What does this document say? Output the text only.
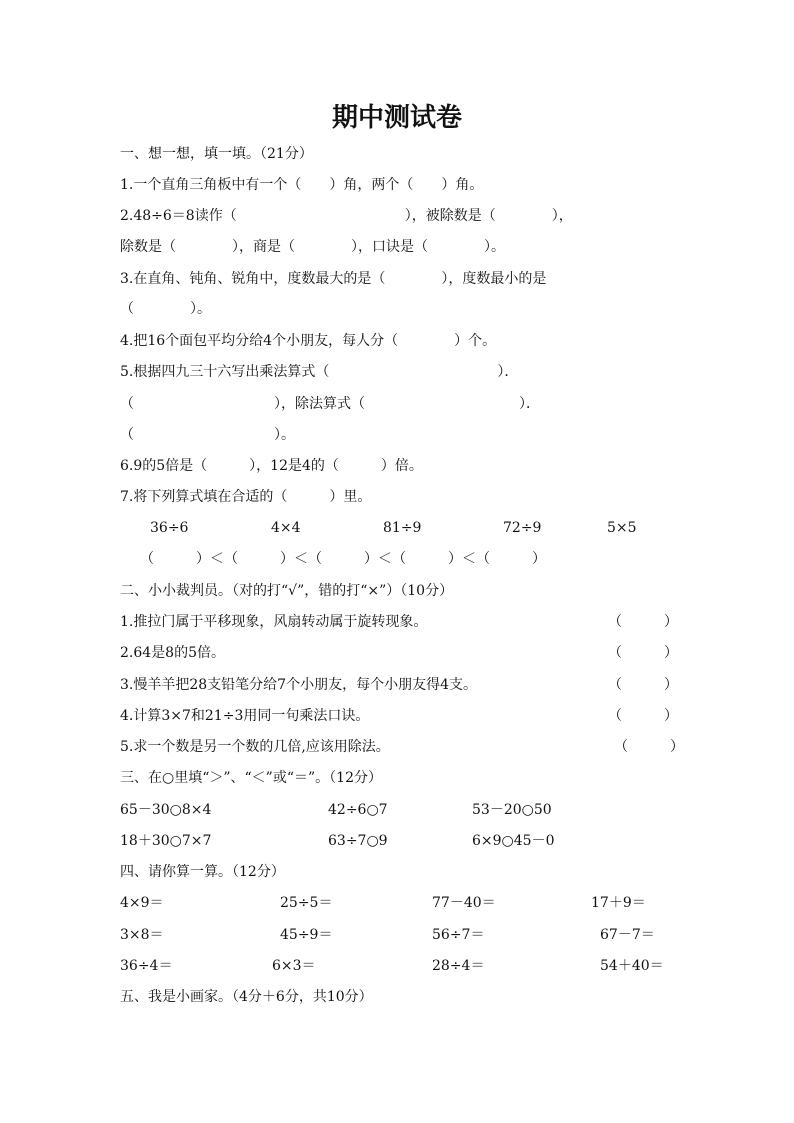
期中测试卷
一、想一想，填一填。（21分）
1.一个直角三角板中有一个（　　）角，两个（　　）角。
2.48÷6＝8读作（　　　　　　　　　　　　），被除数是（　　　　），
除数是（　　　　），商是（　　　　），口诀是（　　　　）。
3.在直角、钝角、锐角中，度数最大的是（　　　　），度数最小的是
（　　　　）。
4.把16个面包平均分给4个小朋友，每人分（　　　　）个。
5.根据四九三十六写出乘法算式（　　　　　　　　　　　　）．
（　　　　　　　　　　），除法算式（　　　　　　　　　　　）．
（　　　　　　　　　　）。
6.9的5倍是（　　　），12是4的（　　　）倍。
7.将下列算式填在合适的（　　　）里。
36÷6	4×4	81÷9	72÷9	5×5
（　　　）＜（　　　）＜（　　　）＜（　　　）＜（　　　）
二、小小裁判员。（对的打“√”，错的打“×”）（10分）
1.推拉门属于平移现象，风扇转动属于旋转现象。	（　　　）
2.64是8的5倍。	（　　　）
3.慢羊羊把28支铅笔分给7个小朋友，每个小朋友得4支。	（　　　）
4.计算3×7和21÷3用同一句乘法口诀。	（　　　）
5.求一个数是另一个数的几倍,应该用除法。	（　　　）
三、在○里填“＞”、“＜”或“＝”。（12分）
65－30○8×4	42÷6○7	53－20○50
18＋30○7×7	63÷7○9	6×9○45－0
四、请你算一算。（12分）
4×9＝	25÷5＝	77－40＝	17＋9＝
3×8＝	45÷9＝	56÷7＝	67－7＝
36÷4＝	6×3＝	28÷4＝	54＋40＝
五、我是小画家。（4分＋6分，共10分）
